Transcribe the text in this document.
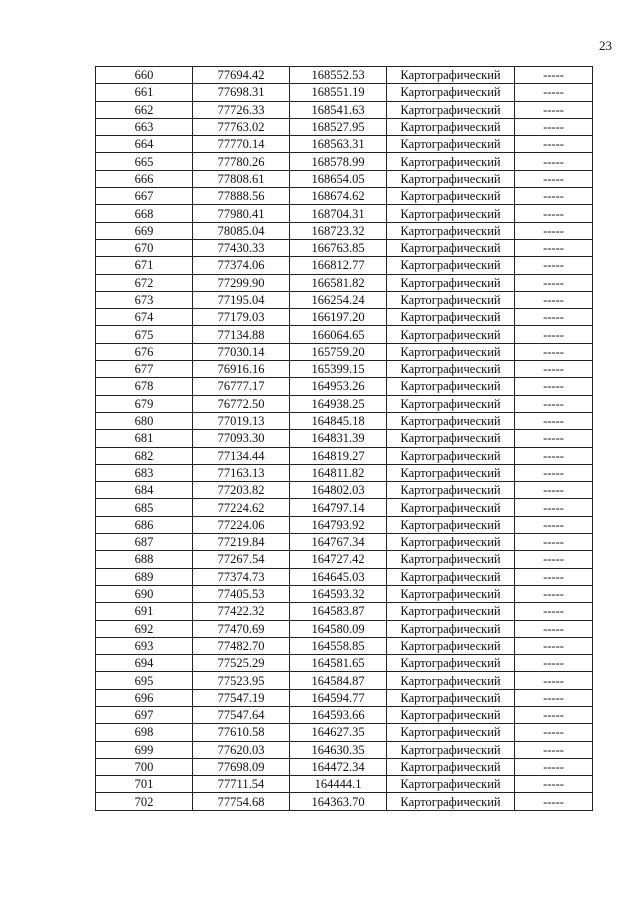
23
660	77694.42	168552.53	Картографический	-----
661	77698.31	168551.19	Картографический	-----
662	77726.33	168541.63	Картографический	-----
663	77763.02	168527.95	Картографический	-----
664	77770.14	168563.31	Картографический	-----
665	77780.26	168578.99	Картографический	-----
666	77808.61	168654.05	Картографический	-----
667	77888.56	168674.62	Картографический	-----
668	77980.41	168704.31	Картографический	-----
669	78085.04	168723.32	Картографический	-----
670	77430.33	166763.85	Картографический	-----
671	77374.06	166812.77	Картографический	-----
672	77299.90	166581.82	Картографический	-----
673	77195.04	166254.24	Картографический	-----
674	77179.03	166197.20	Картографический	-----
675	77134.88	166064.65	Картографический	-----
676	77030.14	165759.20	Картографический	-----
677	76916.16	165399.15	Картографический	-----
678	76777.17	164953.26	Картографический	-----
679	76772.50	164938.25	Картографический	-----
680	77019.13	164845.18	Картографический	-----
681	77093.30	164831.39	Картографический	-----
682	77134.44	164819.27	Картографический	-----
683	77163.13	164811.82	Картографический	-----
684	77203.82	164802.03	Картографический	-----
685	77224.62	164797.14	Картографический	-----
686	77224.06	164793.92	Картографический	-----
687	77219.84	164767.34	Картографический	-----
688	77267.54	164727.42	Картографический	-----
689	77374.73	164645.03	Картографический	-----
690	77405.53	164593.32	Картографический	-----
691	77422.32	164583.87	Картографический	-----
692	77470.69	164580.09	Картографический	-----
693	77482.70	164558.85	Картографический	-----
694	77525.29	164581.65	Картографический	-----
695	77523.95	164584.87	Картографический	-----
696	77547.19	164594.77	Картографический	-----
697	77547.64	164593.66	Картографический	-----
698	77610.58	164627.35	Картографический	-----
699	77620.03	164630.35	Картографический	-----
700	77698.09	164472.34	Картографический	-----
701	77711.54	164444.1	Картографический	-----
702	77754.68	164363.70	Картографический	-----
